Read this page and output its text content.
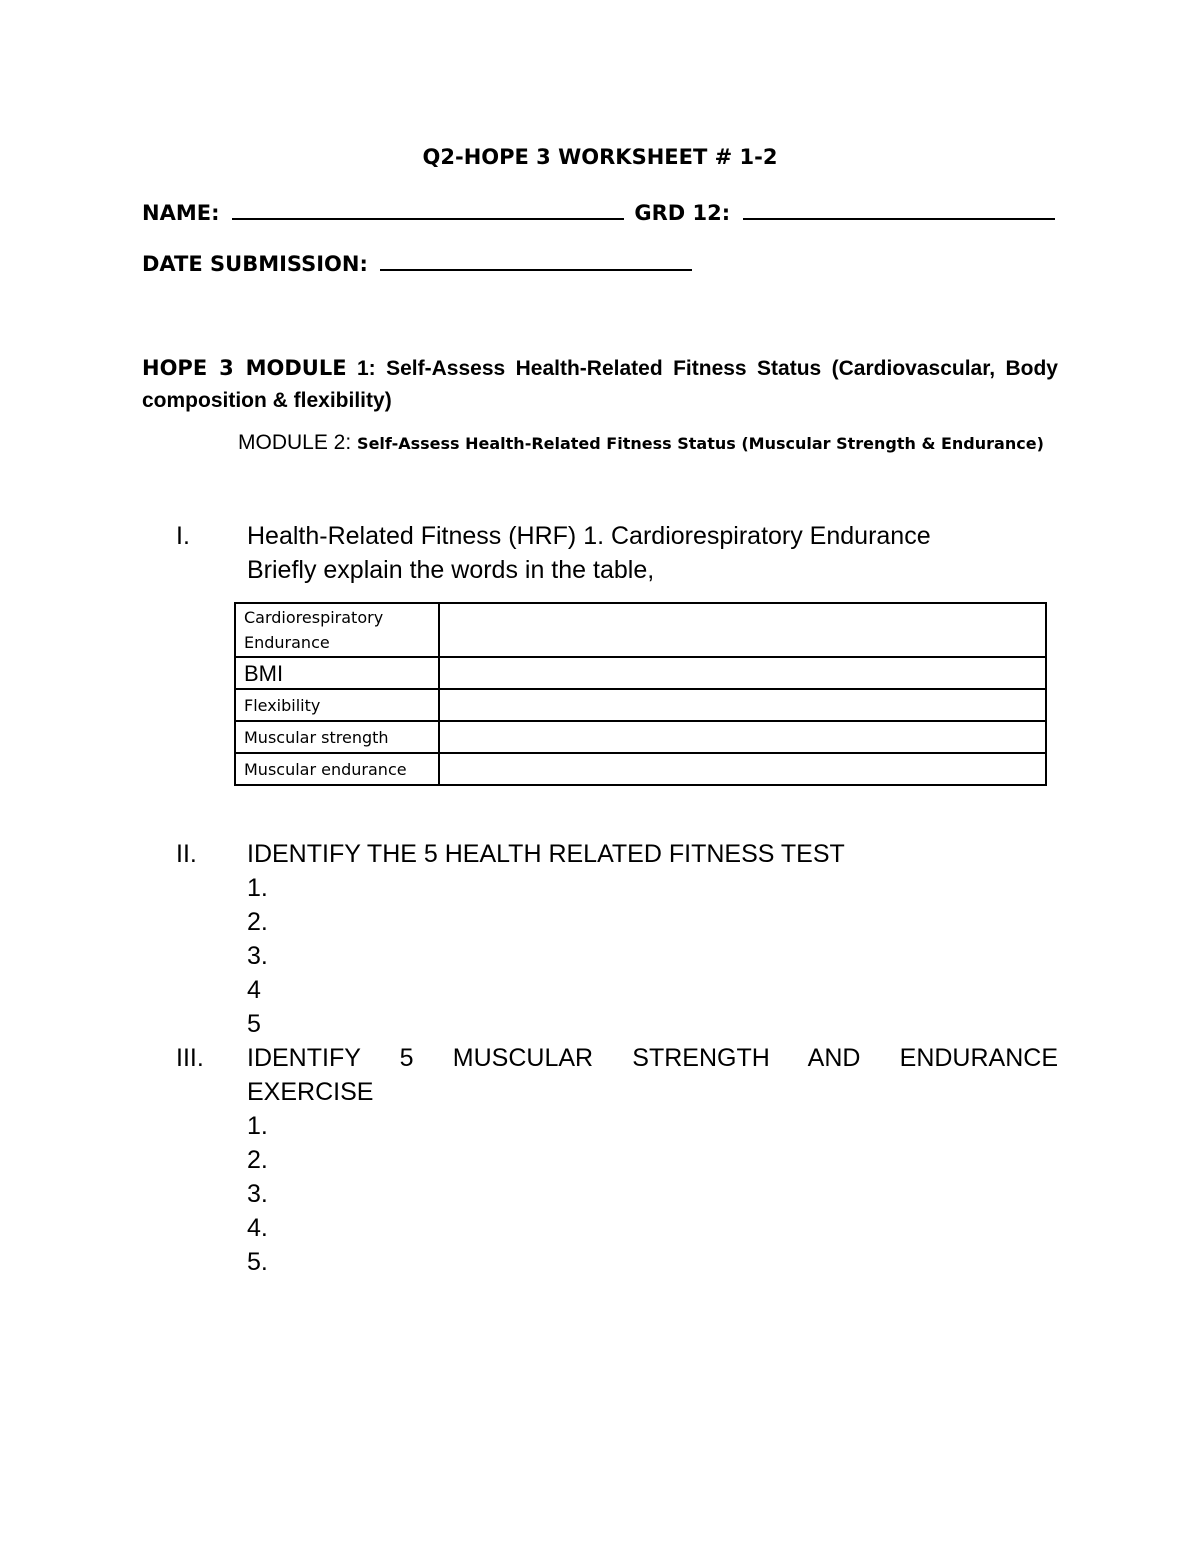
Q2-HOPE 3 WORKSHEET # 1-2
NAME:	GRD 12:
DATE SUBMISSION:
HOPE 3 MODULE 1: Self-Assess Health-Related Fitness Status (Cardiovascular, Body composition & flexibility)
MODULE 2: Self-Assess Health-Related Fitness Status (Muscular Strength & Endurance)
I. Health-Related Fitness (HRF) 1. Cardiorespiratory Endurance
Briefly explain the words in the table,
Cardiorespiratory Endurance	
BMI	
Flexibility	
Muscular strength	
Muscular endurance	
II. IDENTIFY THE 5 HEALTH RELATED FITNESS TEST
1.
2.
3.
4
5
III. IDENTIFY 5 MUSCULAR STRENGTH AND ENDURANCE
EXERCISE
1.
2.
3.
4.
5.
